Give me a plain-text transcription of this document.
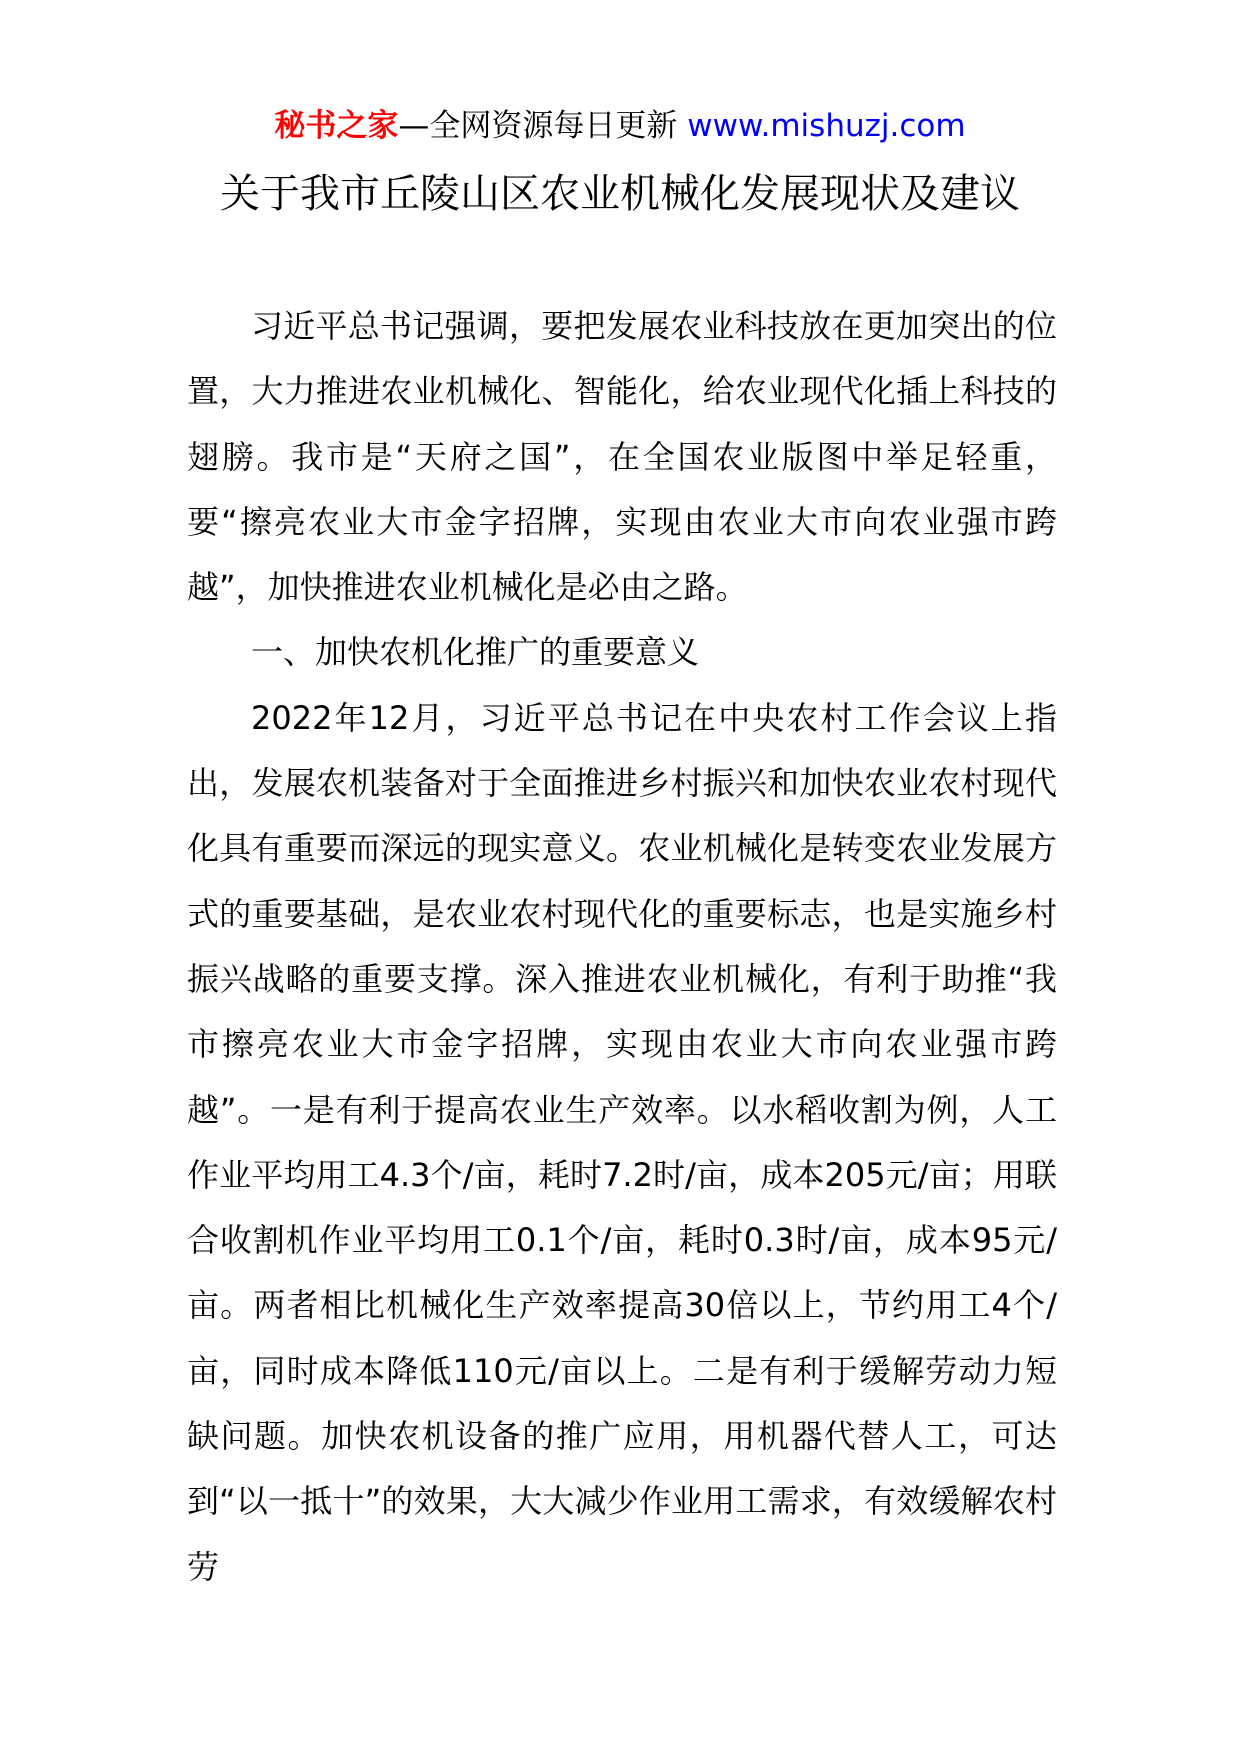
秘书之家—全网资源每日更新 www.mishuzj.com
关于我市丘陵山区农业机械化发展现状及建议

习近平总书记强调，要把发展农业科技放在更加突出的位置，大力推进农业机械化、智能化，给农业现代化插上科技的翅膀。我市是“天府之国”，在全国农业版图中举足轻重，要“擦亮农业大市金字招牌，实现由农业大市向农业强市跨越”，加快推进农业机械化是必由之路。

一、加快农机化推广的重要意义

2022年12月，习近平总书记在中央农村工作会议上指出，发展农机装备对于全面推进乡村振兴和加快农业农村现代化具有重要而深远的现实意义。农业机械化是转变农业发展方式的重要基础，是农业农村现代化的重要标志，也是实施乡村振兴战略的重要支撑。深入推进农业机械化，有利于助推“我市擦亮农业大市金字招牌，实现由农业大市向农业强市跨越”。一是有利于提高农业生产效率。以水稻收割为例，人工作业平均用工4.3个/亩，耗时7.2时/亩，成本205元/亩；用联合收割机作业平均用工0.1个/亩，耗时0.3时/亩，成本95元/亩。两者相比机械化生产效率提高30倍以上，节约用工4个/亩，同时成本降低110元/亩以上。二是有利于缓解劳动力短缺问题。加快农机设备的推广应用，用机器代替人工，可达到“以一抵十”的效果，大大减少作业用工需求，有效缓解农村劳
